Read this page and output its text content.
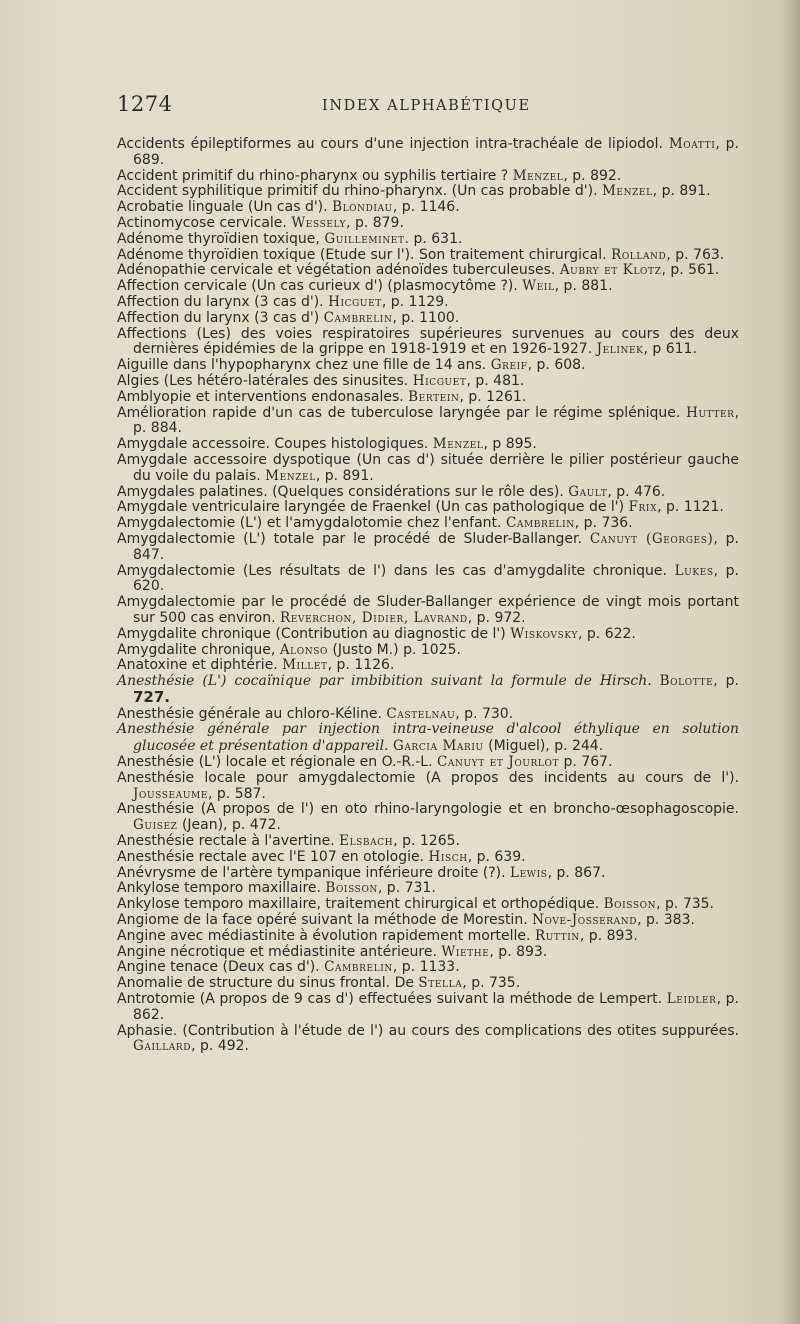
1274	INDEX ALPHABÉTIQUE

Accidents épileptiformes au cours d'une injection intra-trachéale de lipiodol. Moatti, p. 689.

Accident primitif du rhino-pharynx ou syphilis tertiaire ? Menzel, p. 892.

Accident syphilitique primitif du rhino-pharynx. (Un cas probable d'). Menzel, p. 891.

Acrobatie linguale (Un cas d'). Blondiau, p. 1146.

Actinomycose cervicale. Wessely, p. 879.

Adénome thyroïdien toxique, Guilleminet. p. 631.

Adénome thyroïdien toxique (Etude sur l'). Son traitement chirurgical. Rolland, p. 763.

Adénopathie cervicale et végétation adénoïdes tuberculeuses. Aubry et Klotz, p. 561.

Affection cervicale (Un cas curieux d') (plasmocytôme ?). Weil, p. 881.

Affection du larynx (3 cas d'). Hicguet, p. 1129.

Affection du larynx (3 cas d') Cambrelin, p. 1100.

Affections (Les) des voies respiratoires supérieures survenues au cours des deux dernières épidémies de la grippe en 1918-1919 et en 1926-1927. Jelinek, p 611.

Aiguille dans l'hypopharynx chez une fille de 14 ans. Greif, p. 608.

Algies (Les hétéro-latérales des sinusites. Hicguet, p. 481.

Amblyopie et interventions endonasales. Bertein, p. 1261.

Amélioration rapide d'un cas de tuberculose laryngée par le régime splénique. Hutter, p. 884.

Amygdale accessoire. Coupes histologiques. Menzel, p 895.

Amygdale accessoire dyspotique (Un cas d') située derrière le pilier postérieur gauche du voile du palais. Menzel, p. 891.

Amygdales palatines. (Quelques considérations sur le rôle des). Gault, p. 476.

Amygdale ventriculaire laryngée de Fraenkel (Un cas pathologique de l') Frix, p. 1121.

Amygdalectomie (L') et l'amygdalotomie chez l'enfant. Cambrelin, p. 736.

Amygdalectomie (L') totale par le procédé de Sluder-Ballanger. Canuyt (Georges), p. 847.

Amygdalectomie (Les résultats de l') dans les cas d'amygdalite chronique. Lukes, p. 620.

Amygdalectomie par le procédé de Sluder-Ballanger expérience de vingt mois portant sur 500 cas environ. Reverchon, Didier, Lavrand, p. 972.

Amygdalite chronique (Contribution au diagnostic de l') Wiskovsky, p. 622.

Amygdalite chronique, Alonso (Justo M.) p. 1025.

Anatoxine et diphtérie. Millet, p. 1126.

Anesthésie (L') cocaïnique par imbibition suivant la formule de Hirsch. Bolotte, p. 727.

Anesthésie générale au chloro-Kéline. Castelnau, p. 730.

Anesthésie générale par injection intra-veineuse d'alcool éthylique en solution glucosée et présentation d'appareil. Garcia Mariu (Miguel), p. 244.

Anesthésie (L') locale et régionale en O.-R.-L. Canuyt et Jourlot p. 767.

Anesthésie locale pour amygdalectomie (A propos des incidents au cours de l'). Jousseaume, p. 587.

Anesthésie (A propos de l') en oto rhino-laryngologie et en broncho-œsophagoscopie. Guisez (Jean), p. 472.

Anesthésie rectale à l'avertine. Elsbach, p. 1265.

Anesthésie rectale avec l'E 107 en otologie. Hisch, p. 639.

Anévrysme de l'artère tympanique inférieure droite (?). Lewis, p. 867.

Ankylose temporo maxillaire. Boisson, p. 731.

Ankylose temporo maxillaire, traitement chirurgical et orthopédique. Boisson, p. 735.

Angiome de la face opéré suivant la méthode de Morestin. Nove-Josserand, p. 383.

Angine avec médiastinite à évolution rapidement mortelle. Ruttin, p. 893.

Angine nécrotique et médiastinite antérieure. Wiethe, p. 893.

Angine tenace (Deux cas d'). Cambrelin, p. 1133.

Anomalie de structure du sinus frontal. De Stella, p. 735.

Antrotomie (A propos de 9 cas d') effectuées suivant la méthode de Lempert. Leidler, p. 862.

Aphasie. (Contribution à l'étude de l') au cours des complications des otites suppurées. Gaillard, p. 492.
